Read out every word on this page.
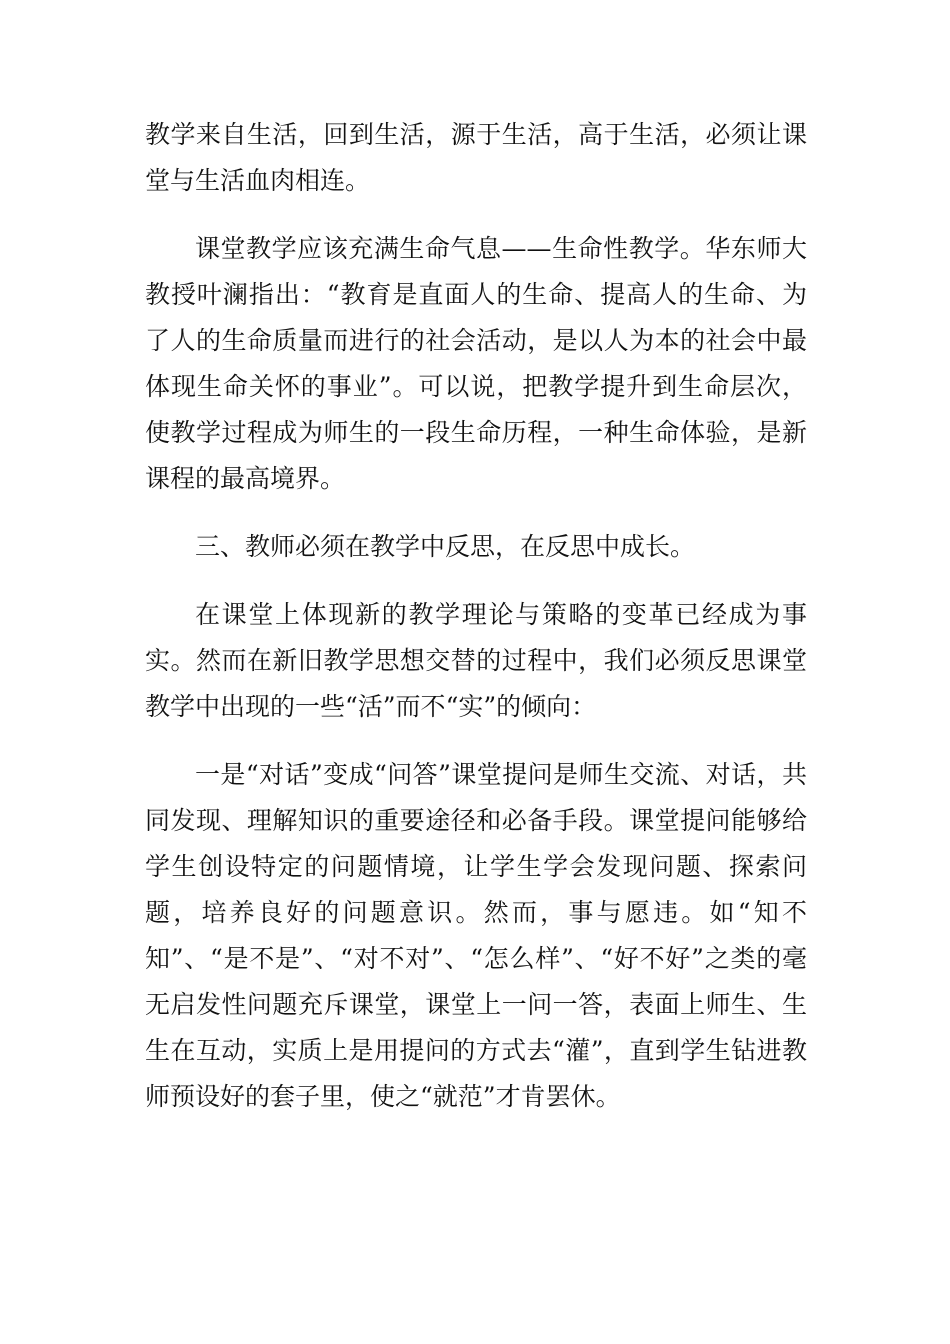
教学来自生活，回到生活，源于生活，高于生活，必须让课堂与生活血肉相连。

课堂教学应该充满生命气息——生命性教学。华东师大教授叶澜指出：“教育是直面人的生命、提高人的生命、为了人的生命质量而进行的社会活动，是以人为本的社会中最体现生命关怀的事业”。可以说，把教学提升到生命层次，使教学过程成为师生的一段生命历程，一种生命体验，是新课程的最高境界。

三、教师必须在教学中反思，在反思中成长。

在课堂上体现新的教学理论与策略的变革已经成为事实。然而在新旧教学思想交替的过程中，我们必须反思课堂教学中出现的一些“活”而不“实”的倾向：

一是“对话”变成“问答”课堂提问是师生交流、对话，共同发现、理解知识的重要途径和必备手段。课堂提问能够给学生创设特定的问题情境，让学生学会发现问题、探索问题，培养良好的问题意识。然而，事与愿违。如“知不知”、“是不是”、“对不对”、“怎么样”、“好不好”之类的毫无启发性问题充斥课堂，课堂上一问一答，表面上师生、生生在互动，实质上是用提问的方式去“灌”，直到学生钻进教师预设好的套子里，使之“就范”才肯罢休。
